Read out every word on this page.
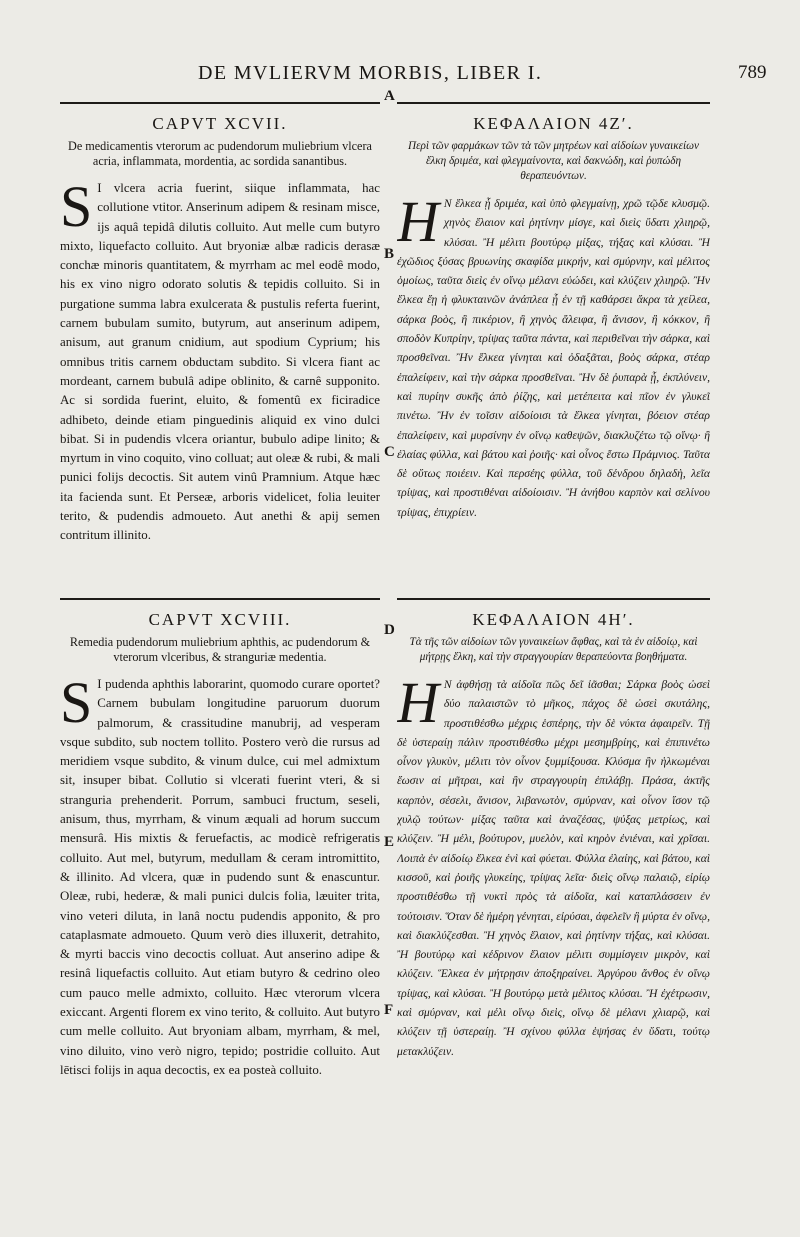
DE MVLIERVM MORBIS, LIBER I.	789
A
B
C
D
E
F
CAPVT XCVII.
De medicamentis vterorum ac pudendorum muliebrium vlcera acria, inflammata, mordentia, ac sordida sanantibus.
S I vlcera acria fuerint, siique inflammata, hac collutione vtitor. Anserinum adipem & resinam misce, ijs aquâ tepidâ dilutis colluito. Aut melle cum butyro mixto, liquefacto colluito. Aut bryoniæ albæ radicis derasæ conchæ minoris quantitatem, & myrrham ac mel eodê modo, his ex vino nigro odorato solutis & tepidis colluito. Si in purgatione summa labra exulcerata & pustulis referta fuerint, carnem bubulam sumito, butyrum, aut anserinum adipem, anisum, aut granum cnidium, aut spodium Cyprium; his omnibus tritis carnem obductam subdito. Si vlcera fiant ac mordeant, carnem bubulâ adipe oblinito, & carnê supponito. Ac si sordida fuerint, eluito, & fomentû ex ficiradice adhibeto, deinde etiam pinguedinis aliquid ex vino dulci bibat. Si in pudendis vlcera oriantur, bubulo adipe linito; & myrtum in vino coquito, vino colluat; aut oleæ & rubi, & mali punici folijs decoctis. Sit autem vinû Pramnium. Atque hæc ita facienda sunt. Et Perseæ, arboris videlicet, folia leuiter terito, & pudendis admoueto. Aut anethi & apij semen contritum illinito.
CAPVT XCVIII.
Remedia pudendorum muliebrium aphthis, ac pudendorum & vterorum vlceribus, & stranguriæ medentia.
S I pudenda aphthis laborarint, quomodo curare oportet? Carnem bubulam longitudine paruorum duorum palmorum, & crassitudine manubrij, ad vesperam vsque subdito, sub noctem tollito. Postero verò die rursus ad meridiem vsque subdito, & vinum dulce, cui mel admixtum sit, insuper bibat. Collutio si vlcerati fuerint vteri, & si stranguria prehenderit. Porrum, sambuci fructum, seseli, anisum, thus, myrrham, & vinum æquali ad horum succum mensurâ. His mixtis & feruefactis, ac modicè refrigeratis colluito. Aut mel, butyrum, medullam & ceram intromittito, & illinito. Ad vlcera, quæ in pudendo sunt & enascuntur. Oleæ, rubi, hederæ, & mali punici dulcis folia, læuiter trita, vino veteri diluta, in lanâ noctu pudendis apponito, & pro cataplasmate admoueto. Quum verò dies illuxerit, detrahito, & myrti baccis vino decoctis colluat. Aut anserino adipe & resinâ liquefactis colluito. Aut etiam butyro & cedrino oleo cum pauco melle admixto, colluito. Hæc vterorum vlcera exiccant. Argenti florem ex vino terito, & colluito. Aut butyro cum melle colluito. Aut bryoniam albam, myrrham, & mel, vino diluito, vino verò nigro, tepido; postridie colluito. Aut lētisci folijs in aqua decoctis, ex ea posteà colluito.
ΚΕΦΑΛΑΙΟΝ 4Ζʹ.
Περὶ τῶν φαρμάκων τῶν τὰ τῶν μητρέων καὶ αἰδοίων γυναικείων ἕλκη δριμέα, καὶ φλεγμαίνοντα, καὶ δακνώδη, καὶ ῥυπώδη θεραπευόντων.
Η Ν ἕλκεα ᾖ δριμέα, καὶ ὑπὸ φλεγμαίνῃ, χρῶ τῷδε κλυσμῷ. χηνὸς ἔλαιον καὶ ῥητίνην μίσγε, καὶ διεὶς ὕδατι χλιηρῷ, κλύσαι. Ἢ μέλιτι βουτύρῳ μίξας, τήξας καὶ κλύσαι. Ἢ ἐχῶδιος ξύσας βρυωνίης σκαφίδα μικρήν, καὶ σμύρνην, καὶ μέλιτος ὁμοίως, ταῦτα διεὶς ἐν οἴνῳ μέλανι εὐώδει, καὶ κλύζειν χλιηρῷ. Ἢν ἕλκεα ἔῃ ἡ φλυκταινῶν ἀνάπλεα ᾖ ἐν τῇ καθάρσει ἄκρα τὰ χείλεα, σάρκα βοὸς, ἢ πικέριον, ἢ χηνὸς ἄλειφα, ἢ ἄνισον, ἢ κόκκον, ἢ σποδὸν Κυπρίην, τρίψας ταῦτα πάντα, καὶ περιθεῖναι τὴν σάρκα, καὶ προσθεῖναι. Ἢν ἕλκεα γίνηται καὶ ὀδαξᾶται, βοὸς σάρκα, στέαρ ἐπαλείφειν, καὶ τὴν σάρκα προσθεῖναι. Ἢν δὲ ῥυπαρὰ ᾖ, ἐκπλύνειν, καὶ πυρίην συκῆς ἀπὸ ῥίζης, καὶ μετέπειτα καὶ πῖον ἐν γλυκεῖ πινέτω. Ἢν ἐν τοῖσιν αἰδοίοισι τὰ ἕλκεα γίνηται, βόειον στέαρ ἐπαλείφειν, καὶ μυρσίνην ἐν οἴνῳ καθεψῶν, διακλυζέτω τῷ οἴνῳ· ἢ ἐλαίας φύλλα, καὶ βάτου καὶ ῥοιῆς· καὶ οἶνος ἔστω Πράμνιος. Ταῦτα δὲ οὕτως ποιέειν. Καὶ περσέης φύλλα, τοῦ δένδρου δηλαδὴ, λεῖα τρίψας, καὶ προστιθέναι αἰδοίοισιν. Ἢ ἀνήθου καρπὸν καὶ σελίνου τρίψας, ἐπιχρίειν.
ΚΕΦΑΛΑΙΟΝ 4Ηʹ.
Τὰ τῆς τῶν αἰδοίων τῶν γυναικείων ἄφθας, καὶ τὰ ἐν αἰδοίῳ, καὶ μήτρῃς ἕλκη, καὶ τὴν στραγγουρίαν θεραπεύοντα βοηθήματα.
Η Ν ἀφθήσῃ τὰ αἰδοῖα πῶς δεῖ ἰᾶσθαι; Σάρκα βοὸς ὡσεὶ δύο παλαιστῶν τὸ μῆκος, πάχος δὲ ὡσεὶ σκυτάλης, προστιθέσθω μέχρις ἑσπέρης, τὴν δὲ νύκτα ἀφαιρεῖν. Τῇ δὲ ὑστεραίῃ πάλιν προστιθέσθω μέχρι μεσημβρίης, καὶ ἐπιπινέτω οἶνον γλυκὺν, μέλιτι τὸν οἶνον ξυμμίξουσα. Κλύσμα ἢν ἡλκωμέναι ἔωσιν αἱ μῆτραι, καὶ ἢν στραγγουρίη ἐπιλάβῃ. Πράσα, ἀκτῆς καρπὸν, σέσελι, ἄνισον, λιβανωτὸν, σμύρναν, καὶ οἶνον ἴσον τῷ χυλῷ τούτων· μίξας ταῦτα καὶ ἀναζέσας, ψύξας μετρίως, καὶ κλύζειν. Ἢ μέλι, βούτυρον, μυελὸν, καὶ κηρὸν ἐνιέναι, καὶ χρῖσαι. Λοιπὰ ἐν αἰδοίῳ ἕλκεα ἐνὶ καὶ φύεται. Φύλλα ἐλαίης, καὶ βάτου, καὶ κισσοῦ, καὶ ῥοιῆς γλυκείης, τρίψας λεῖα· διεὶς οἴνῳ παλαιῷ, εἰρίῳ προστιθέσθω τῇ νυκτὶ πρὸς τὰ αἰδοῖα, καὶ καταπλάσσειν ἐν τούτοισιν. Ὅταν δὲ ἡμέρη γένηται, εἰρύσαι, ἀφελεῖν ἢ μύρτα ἐν οἴνῳ, καὶ διακλύζεσθαι. Ἢ χηνὸς ἔλαιον, καὶ ῥητίνην τήξας, καὶ κλύσαι. Ἢ βουτύρῳ καὶ κέδρινον ἔλαιον μέλιτι συμμίσγειν μικρὸν, καὶ κλύζειν. Ἕλκεα ἐν μήτρῃσιν ἀποξηραίνει. Ἀργύρου ἄνθος ἐν οἴνῳ τρίψας, καὶ κλύσαι. Ἢ βουτύρῳ μετὰ μέλιτος κλύσαι. Ἢ ἐχέτρωσιν, καὶ σμύρναν, καὶ μέλι οἴνῳ διεὶς, οἴνῳ δὲ μέλανι χλιαρῷ, καὶ κλύζειν τῇ ὑστεραίῃ. Ἢ σχίνου φύλλα ἑψήσας ἐν ὕδατι, τούτῳ μετακλύζειν.
